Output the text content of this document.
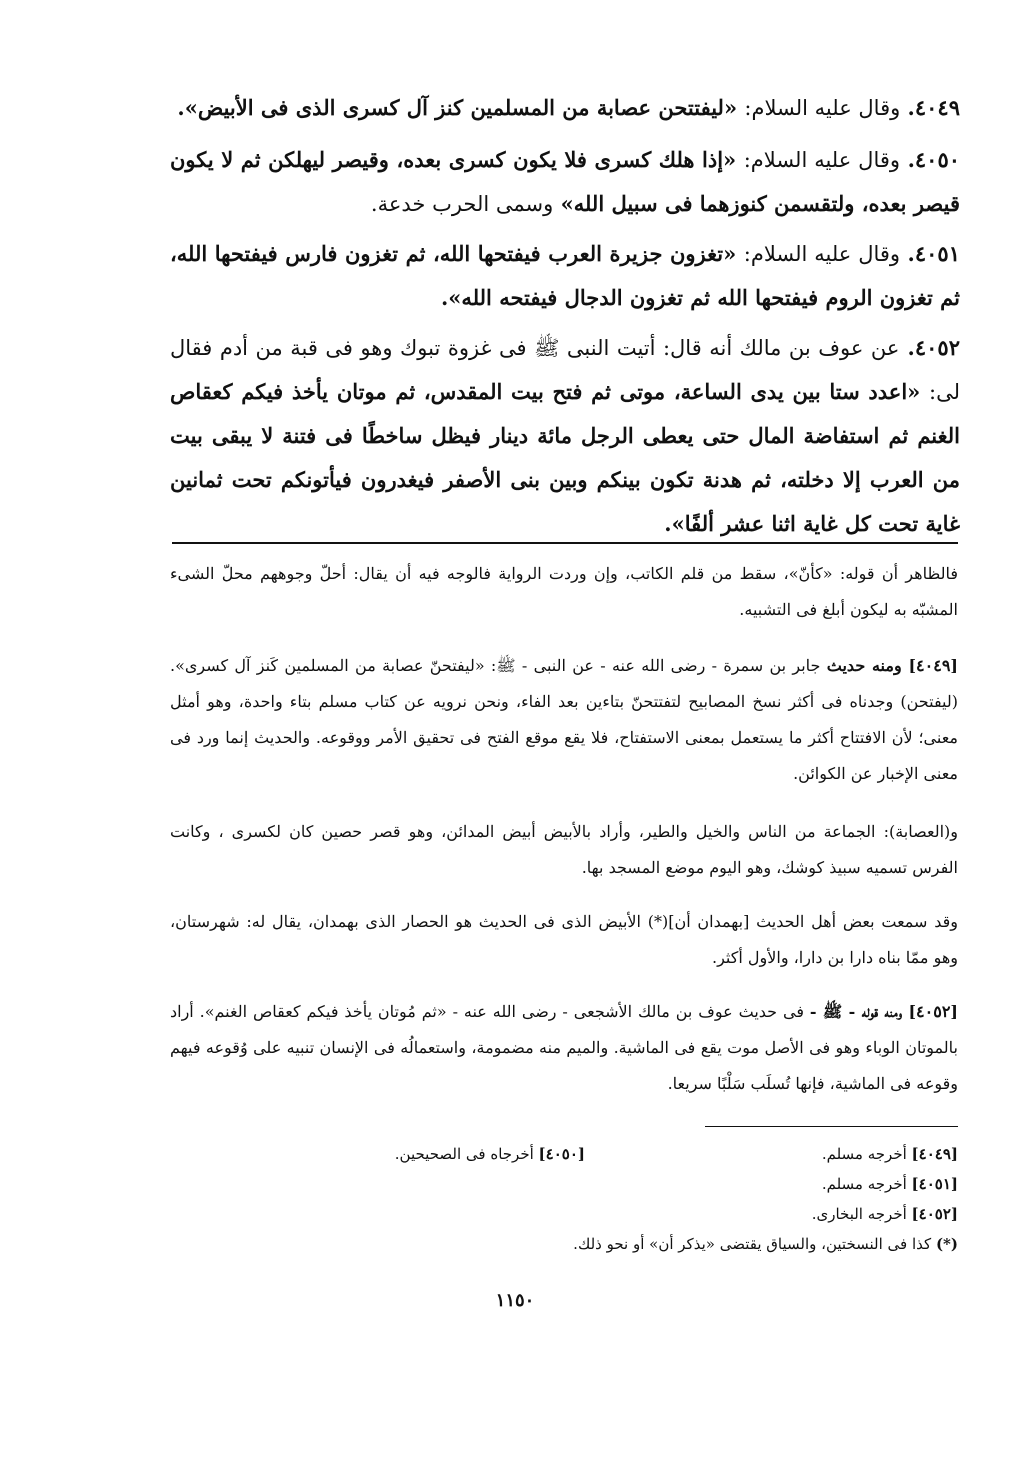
٤٠٤٩. وقال عليه السلام: «ليفتتحن عصابة من المسلمين كنز آل كسرى الذى فى الأبيض».

٤٠٥٠. وقال عليه السلام: «إذا هلك كسرى فلا يكون كسرى بعده، وقيصر ليهلكن ثم لا يكون قيصر بعده، ولتقسمن كنوزهما فى سبيل الله» وسمى الحرب خدعة.

٤٠٥١. وقال عليه السلام: «تغزون جزيرة العرب فيفتحها الله، ثم تغزون فارس فيفتحها الله، ثم تغزون الروم فيفتحها الله ثم تغزون الدجال فيفتحه الله».

٤٠٥٢. عن عوف بن مالك أنه قال: أتيت النبى ﷺ فى غزوة تبوك وهو فى قبة من أدم فقال لى: «اعدد ستا بين يدى الساعة، موتى ثم فتح بيت المقدس، ثم موتان يأخذ فيكم كعقاص الغنم ثم استفاضة المال حتى يعطى الرجل مائة دينار فيظل ساخطًا فى فتنة لا يبقى بيت من العرب إلا دخلته، ثم هدنة تكون بينكم وبين بنى الأصفر فيغدرون فيأتونكم تحت ثمانين غاية تحت كل غاية اثنا عشر ألفًا».

فالظاهر أن قوله: «كأنّ»، سقط من قلم الكاتب، وإن وردت الرواية فالوجه فيه أن يقال: أحلّ وجوههم محلّ الشىء المشبّه به ليكون أبلغ فى التشبيه.

[٤٠٤٩] ومنه حديث جابر بن سمرة - رضى الله عنه - عن النبى - ﷺ: «ليفتحنّ عصابة من المسلمين كَنز آل كسرى». (ليفتحن) وجدناه فى أكثر نسخ المصابيح لتفتتحنّ بتاءين بعد الفاء، ونحن نرويه عن كتاب مسلم بتاء واحدة، وهو أمثل معنى؛ لأن الافتتاح أكثر ما يستعمل بمعنى الاستفتاح، فلا يقع موقع الفتح فى تحقيق الأمر ووقوعه. والحديث إنما ورد فى معنى الإخبار عن الكوائن.

و(العصابة): الجماعة من الناس والخيل والطير، وأراد بالأبيض أبيض المدائن، وهو قصر حصين كان لكسرى ، وكانت الفرس تسميه سبيذ كوشك، وهو اليوم موضع المسجد بها.

وقد سمعت بعض أهل الحديث [بهمدان أن](*) الأبيض الذى فى الحديث هو الحصار الذى بهمدان، يقال له: شهرستان، وهو ممّا بناه دارا بن دارا، والأول أكثر.

[٤٠٥٢] ومنه قوله - ﷺ - فى حديث عوف بن مالك الأشجعى - رضى الله عنه - «ثم مُوتان يأخذ فيكم كعقاص الغنم». أراد بالموتان الوباء وهو فى الأصل موت يقع فى الماشية. والميم منه مضمومة، واستعمالُه فى الإنسان تنبيه على وُقوعه فيهم وقوعه فى الماشية، فإنها تُسلَب سَلْبًا سريعا.

[٤٠٤٩] أخرجه مسلم.
[٤٠٥٠] أخرجاه فى الصحيحين.
[٤٠٥١] أخرجه مسلم.
[٤٠٥٢] أخرجه البخارى.
(*) كذا فى النسختين، والسياق يقتضى «يذكر أن» أو نحو ذلك.
١١٥٠
